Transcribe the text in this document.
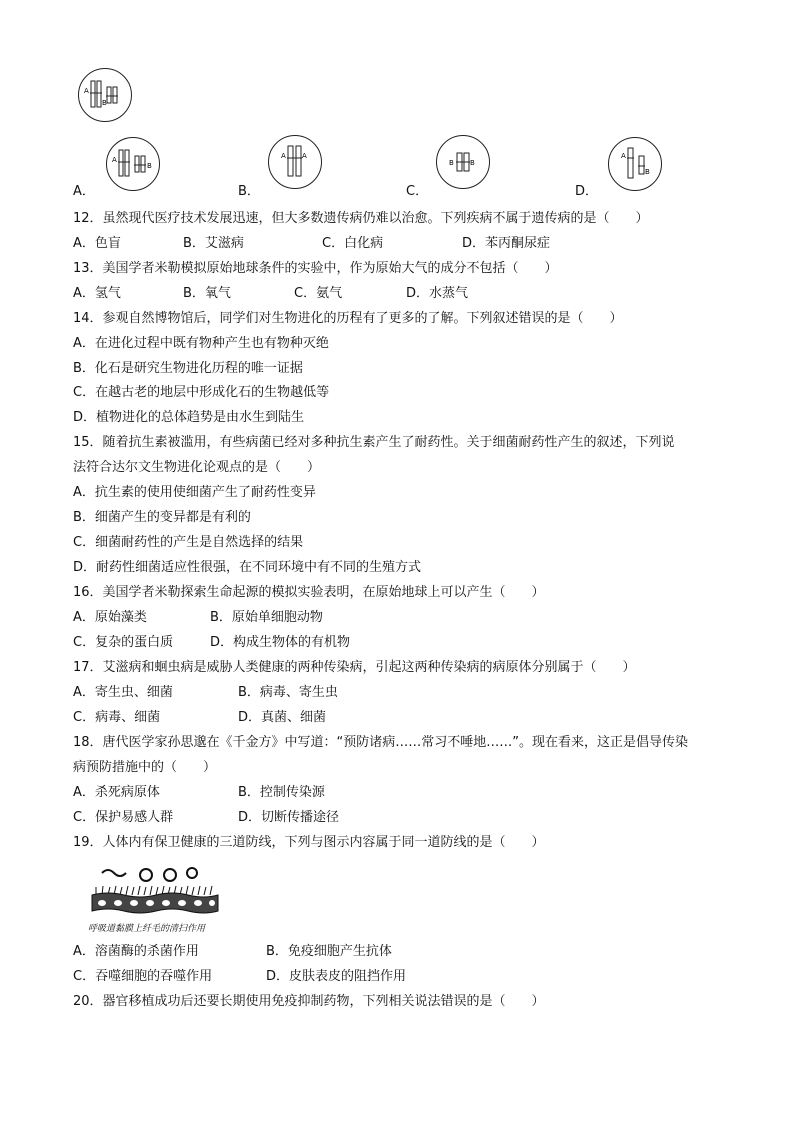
A
B
A
B
A A
B B
A
B
A．	B．	C．	D．
12．虽然现代医疗技术发展迅速，但大多数遗传病仍难以治愈。下列疾病不属于遗传病的是（　　）
A．色盲	B．艾滋病	C．白化病	D．苯丙酮尿症
13．美国学者米勒模拟原始地球条件的实验中，作为原始大气的成分不包括（　　）
A．氢气	B．氧气	C．氨气	D．水蒸气
14．参观自然博物馆后，同学们对生物进化的历程有了更多的了解。下列叙述错误的是（　　）
A．在进化过程中既有物种产生也有物种灭绝
B．化石是研究生物进化历程的唯一证据
C．在越古老的地层中形成化石的生物越低等
D．植物进化的总体趋势是由水生到陆生
15．随着抗生素被滥用，有些病菌已经对多种抗生素产生了耐药性。关于细菌耐药性产生的叙述，下列说
法符合达尔文生物进化论观点的是（　　）
A．抗生素的使用使细菌产生了耐药性变异
B．细菌产生的变异都是有利的
C．细菌耐药性的产生是自然选择的结果
D．耐药性细菌适应性很强，在不同环境中有不同的生殖方式
16．美国学者米勒探索生命起源的模拟实验表明，在原始地球上可以产生（　　）
A．原始藻类	B．原始单细胞动物
C．复杂的蛋白质	D．构成生物体的有机物
17．艾滋病和蛔虫病是威胁人类健康的两种传染病，引起这两种传染病的病原体分别属于（　　）
A．寄生虫、细菌	B．病毒、寄生虫
C．病毒、细菌	D．真菌、细菌
18．唐代医学家孙思邈在《千金方》中写道：“预防诸病……常习不唾地……”。现在看来，这正是倡导传染
病预防措施中的（　　）
A．杀死病原体	B．控制传染源
C．保护易感人群	D．切断传播途径
19．人体内有保卫健康的三道防线，下列与图示内容属于同一道防线的是（　　）
呼吸道黏膜上纤毛的清扫作用
A．溶菌酶的杀菌作用	B．免疫细胞产生抗体
C．吞噬细胞的吞噬作用	D．皮肤表皮的阻挡作用
20．器官移植成功后还要长期使用免疫抑制药物，下列相关说法错误的是（　　）
